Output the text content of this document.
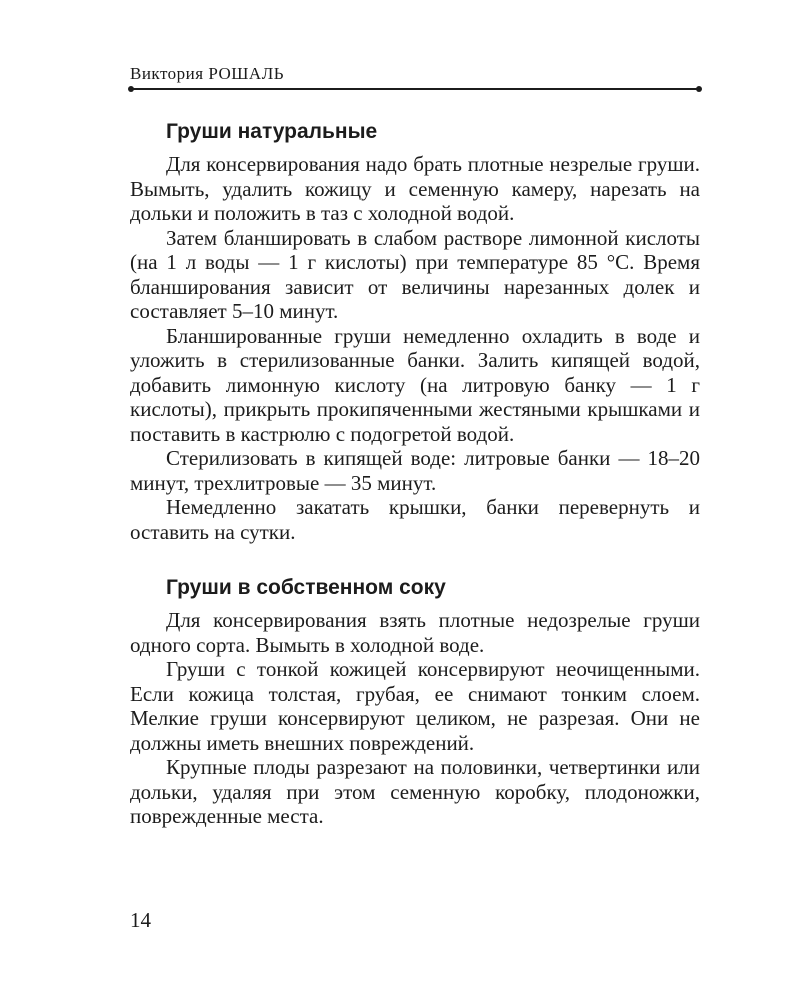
Виктория РОШАЛЬ
Груши натуральные

Для консервирования надо брать плотные незрелые груши. Вымыть, удалить кожицу и семенную камеру, нарезать на дольки и положить в таз с холодной водой.

Затем бланшировать в слабом растворе лимонной кислоты (на 1 л воды — 1 г кислоты) при температуре 85 °С. Время бланширования зависит от величины нарезанных долек и составляет 5–10 минут.

Бланшированные груши немедленно охладить в воде и уложить в стерилизованные банки. Залить кипящей водой, добавить лимонную кислоту (на литровую банку — 1 г кислоты), прикрыть прокипяченными жестяными крышками и поставить в кастрюлю с подогретой водой.

Стерилизовать в кипящей воде: литровые банки — 18–20 минут, трехлитровые — 35 минут.

Немедленно закатать крышки, банки перевернуть и оставить на сутки.

Груши в собственном соку

Для консервирования взять плотные недозрелые груши одного сорта. Вымыть в холодной воде.

Груши с тонкой кожицей консервируют неочищенными. Если кожица толстая, грубая, ее снимают тонким слоем. Мелкие груши консервируют целиком, не разрезая. Они не должны иметь внешних повреждений.

Крупные плоды разрезают на половинки, четвертинки или дольки, удаляя при этом семенную коробку, плодоножки, поврежденные места.

14
